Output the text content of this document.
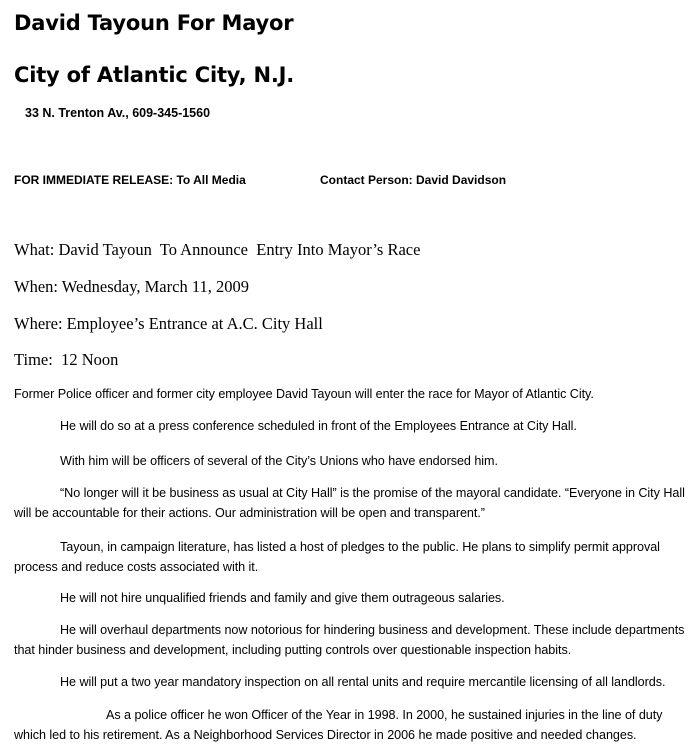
David Tayoun For Mayor
City of Atlantic City, N.J.
33 N. Trenton Av., 609-345-1560
FOR IMMEDIATE RELEASE: To All Media	Contact Person: David Davidson
What: David Tayoun  To Announce  Entry Into Mayor’s Race
When: Wednesday, March 11, 2009
Where: Employee’s Entrance at A.C. City Hall
Time:  12 Noon
Former Police officer and former city employee David Tayoun will enter the race for Mayor of Atlantic City.
He will do so at a press conference scheduled in front of the Employees Entrance at City Hall.
With him will be officers of several of the City’s Unions who have endorsed him.
“No longer will it be business as usual at City Hall” is the promise of the mayoral candidate. “Everyone in City Hall will be accountable for their actions. Our administration will be open and transparent.”
Tayoun, in campaign literature, has listed a host of pledges to the public. He plans to simplify permit approval process and reduce costs associated with it.
He will not hire unqualified friends and family and give them outrageous salaries.
He will overhaul departments now notorious for hindering business and development. These include departments that hinder business and development, including putting controls over questionable inspection habits.
He will put a two year mandatory inspection on all rental units and require mercantile licensing of all landlords.
As a police officer he won Officer of the Year in 1998. In 2000, he sustained injuries in the line of duty which led to his retirement. As a Neighborhood Services Director in 2006 he made positive and needed changes.
